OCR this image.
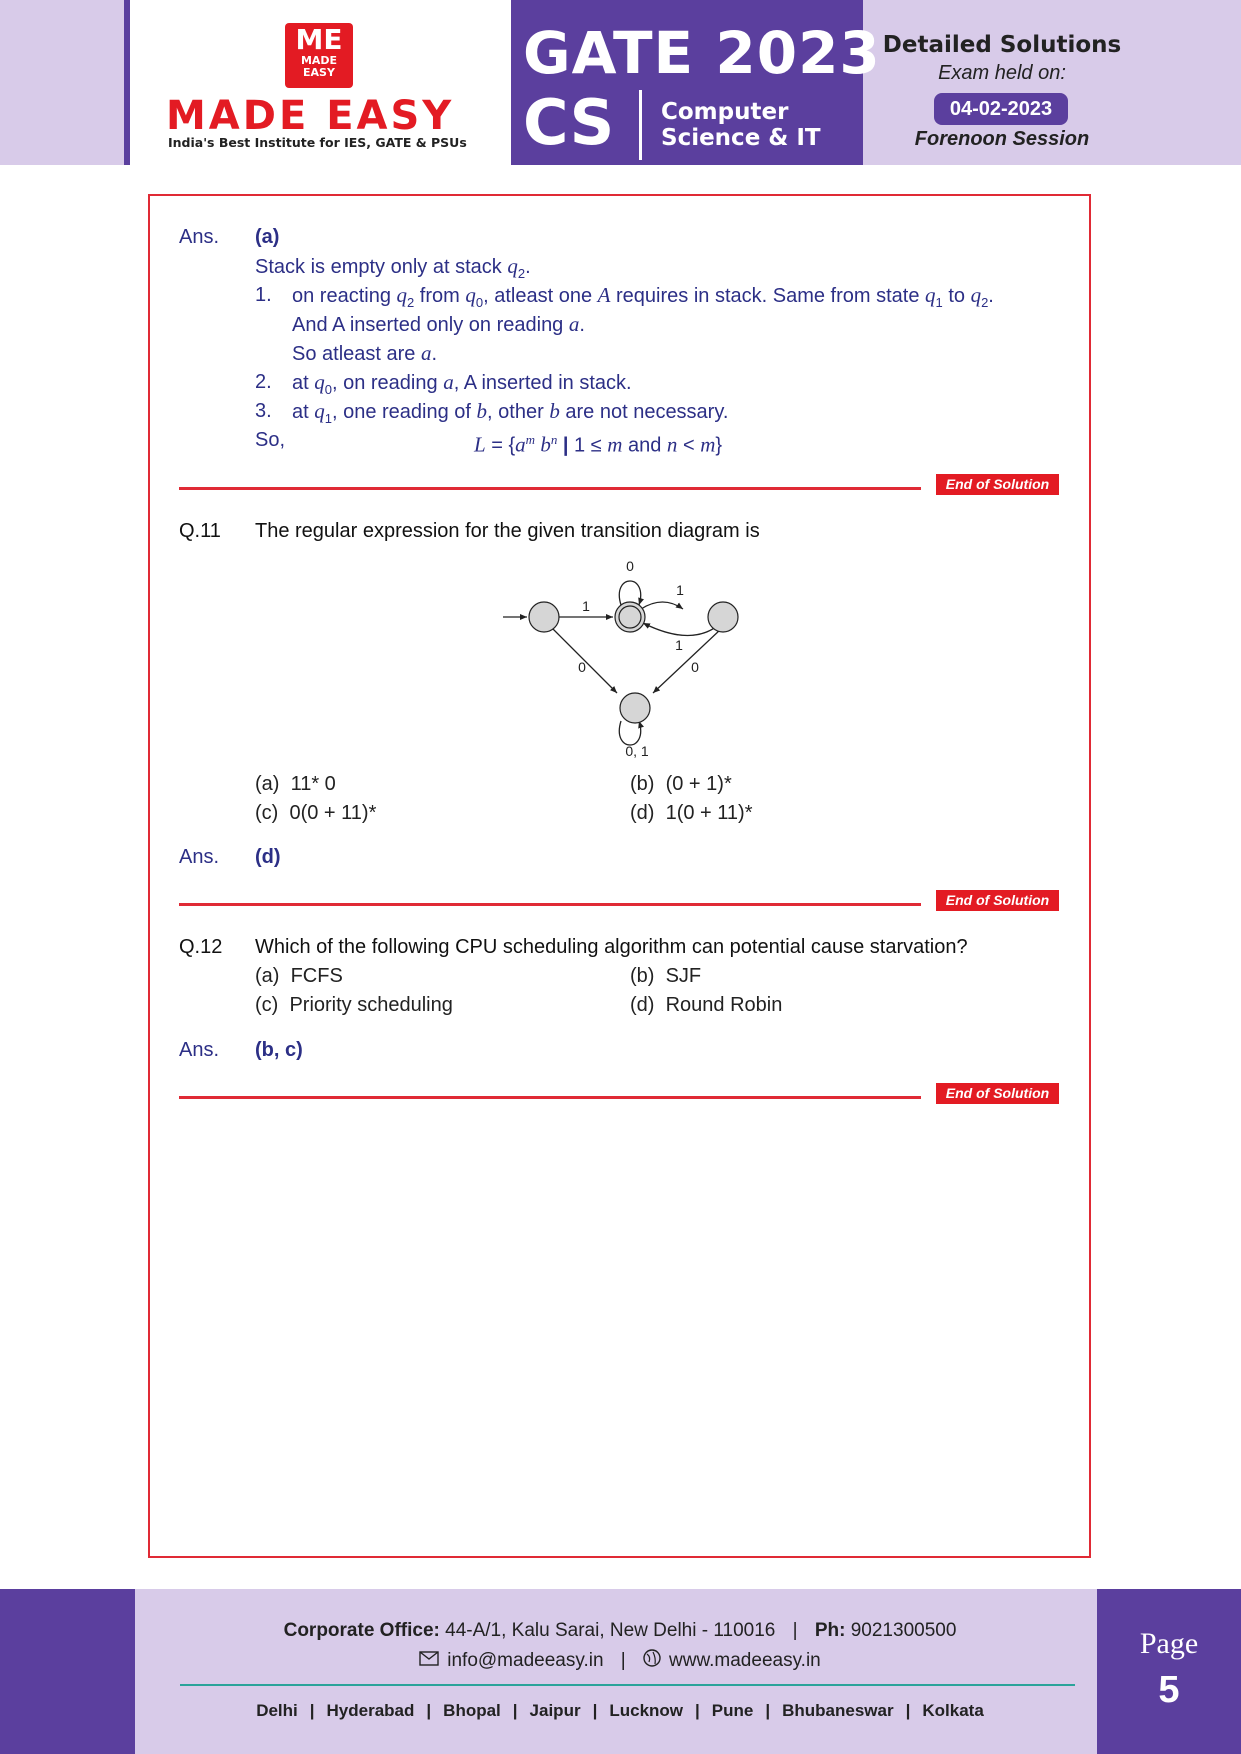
ME
MADE
EASY
MADE EASY
India's Best Institute for IES, GATE & PSUs
GATE 2023
CS Computer
Science & IT
Detailed Solutions
Exam held on:
04-02-2023
Forenoon Session
Ans. (a)
Stack is empty only at stack $q_2$.
1. on reacting $q_2$ from $q_0$, atleast one A requires in stack. Same from state $q_1$ to $q_2$.
And A inserted only on reading a.
So atleast are a.
2. at $q_0$, on reading a, A inserted in stack.
3. at $q_1$, one reading of b, other b are not necessary.
So,	$L = \{a^m$ $b^n$ | 1 ≤ m and n < m}
End of Solution
Q.11 The regular expression for the given transition diagram is
0
1
1
1
0	0
0, 1
(a) 11* 0	(b) (0 + 1)*
(c) 0(0 + 11)*	(d) 1(0 + 11)*
Ans. (d)
End of Solution
Q.12 Which of the following CPU scheduling algorithm can potential cause starvation?
(a) FCFS	(b) SJF
(c) Priority scheduling	(d) Round Robin
Ans. (b, c)
End of Solution
Corporate Office: 44-A/1, Kalu Sarai, New Delhi - 110016 | Ph: 9021300500
info@madeeasy.in | www.madeeasy.in
Delhi | Hyderabad | Bhopal | Jaipur | Lucknow | Pune | Bhubaneswar | Kolkata
Page
5
